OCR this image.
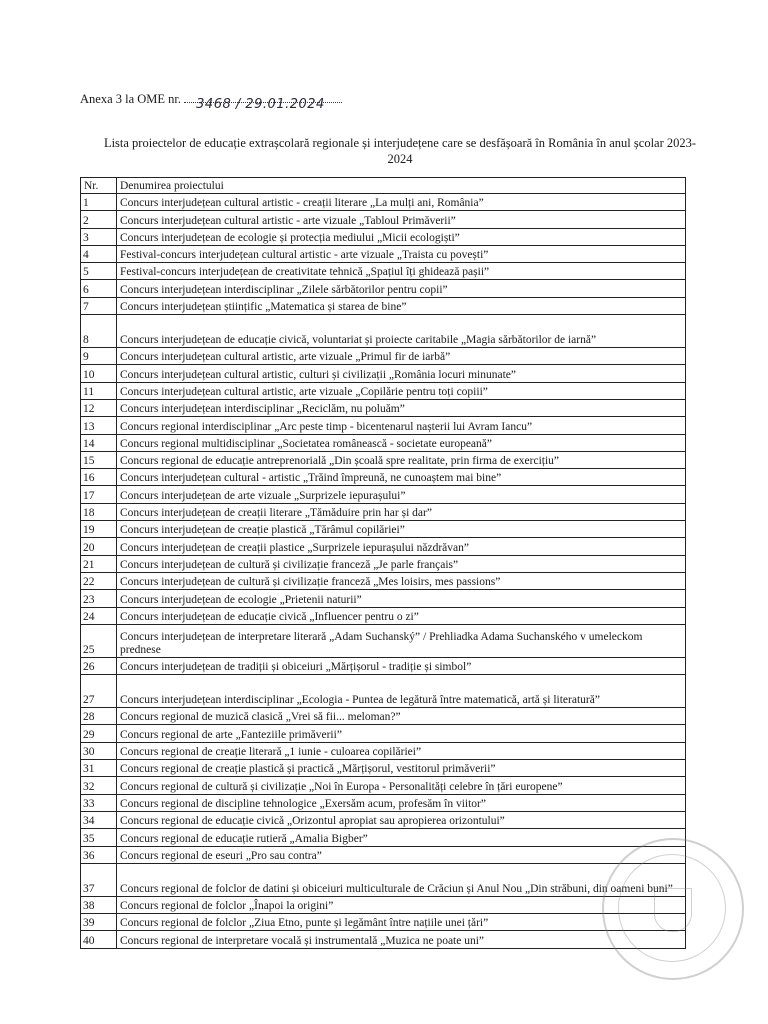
Anexa 3 la OME nr. 3468 / 29.01.2024
Lista proiectelor de educație extrașcolară regionale și interjudețene care se desfășoară în România în anul școlar 2023-2024
Nr.	Denumirea proiectului
1	Concurs interjudețean cultural artistic - creații literare „La mulți ani, România”
2	Concurs interjudețean cultural artistic - arte vizuale „Tabloul Primăverii”
3	Concurs interjudețean de ecologie și protecția mediului „Micii ecologiști”
4	Festival-concurs interjudețean cultural artistic - arte vizuale „Traista cu povești”
5	Festival-concurs interjudețean de creativitate tehnică „Spațiul îți ghidează pașii”
6	Concurs interjudețean interdisciplinar „Zilele sărbătorilor pentru copii”
7	Concurs interjudețean științific „Matematica și starea de bine”
8	Concurs interjudețean de educație civică, voluntariat și proiecte caritabile „Magia sărbătorilor de iarnă”
9	Concurs interjudețean cultural artistic, arte vizuale „Primul fir de iarbă”
10	Concurs interjudețean cultural artistic, culturi și civilizații „România locuri minunate”
11	Concurs interjudețean cultural artistic, arte vizuale „Copilărie pentru toți copiii”
12	Concurs interjudețean interdisciplinar „Reciclăm, nu poluăm”
13	Concurs regional interdisciplinar „Arc peste timp - bicentenarul nașterii lui Avram Iancu”
14	Concurs regional multidisciplinar „Societatea românească - societate europeană”
15	Concurs regional de educație antreprenorială „Din școală spre realitate, prin firma de exercițiu”
16	Concurs interjudețean cultural - artistic „Trăind împreună, ne cunoaștem mai bine”
17	Concurs interjudețean de arte vizuale „Surprizele iepurașului”
18	Concurs interjudețean de creații literare „Tămăduire prin har și dar”
19	Concurs interjudețean de creație plastică „Tărâmul copilăriei”
20	Concurs interjudețean de creații plastice „Surprizele iepurașului năzdrăvan”
21	Concurs interjudețean de cultură și civilizație franceză „Je parle français”
22	Concurs interjudețean de cultură și civilizație franceză „Mes loisirs, mes passions”
23	Concurs interjudețean de ecologie „Prietenii naturii”
24	Concurs interjudețean de educație civică „Influencer pentru o zi”
25	Concurs interjudețean de interpretare literară „Adam Suchanský” / Prehliadka Adama Suchanského v umeleckom prednese
26	Concurs interjudețean de tradiții și obiceiuri „Mărțișorul - tradiție și simbol”
27	Concurs interjudețean interdisciplinar „Ecologia - Puntea de legătură între matematică, artă și literatură”
28	Concurs regional de muzică clasică „Vrei să fii... meloman?”
29	Concurs regional de arte „Fanteziile primăverii”
30	Concurs regional de creație literară „1 iunie - culoarea copilăriei”
31	Concurs regional de creație plastică și practică „Mărțișorul, vestitorul primăverii”
32	Concurs regional de cultură și civilizație „Noi în Europa - Personalități celebre în țări europene”
33	Concurs regional de discipline tehnologice „Exersăm acum, profesăm în viitor”
34	Concurs regional de educație civică „Orizontul apropiat sau apropierea orizontului”
35	Concurs regional de educație rutieră „Amalia Bigber”
36	Concurs regional de eseuri „Pro sau contra”
37	Concurs regional de folclor de datini și obiceiuri multiculturale de Crăciun și Anul Nou „Din străbuni, din oameni buni”
38	Concurs regional de folclor „Înapoi la origini”
39	Concurs regional de folclor „Ziua Etno, punte și legământ între națiile unei țări”
40	Concurs regional de interpretare vocală și instrumentală „Muzica ne poate uni”
